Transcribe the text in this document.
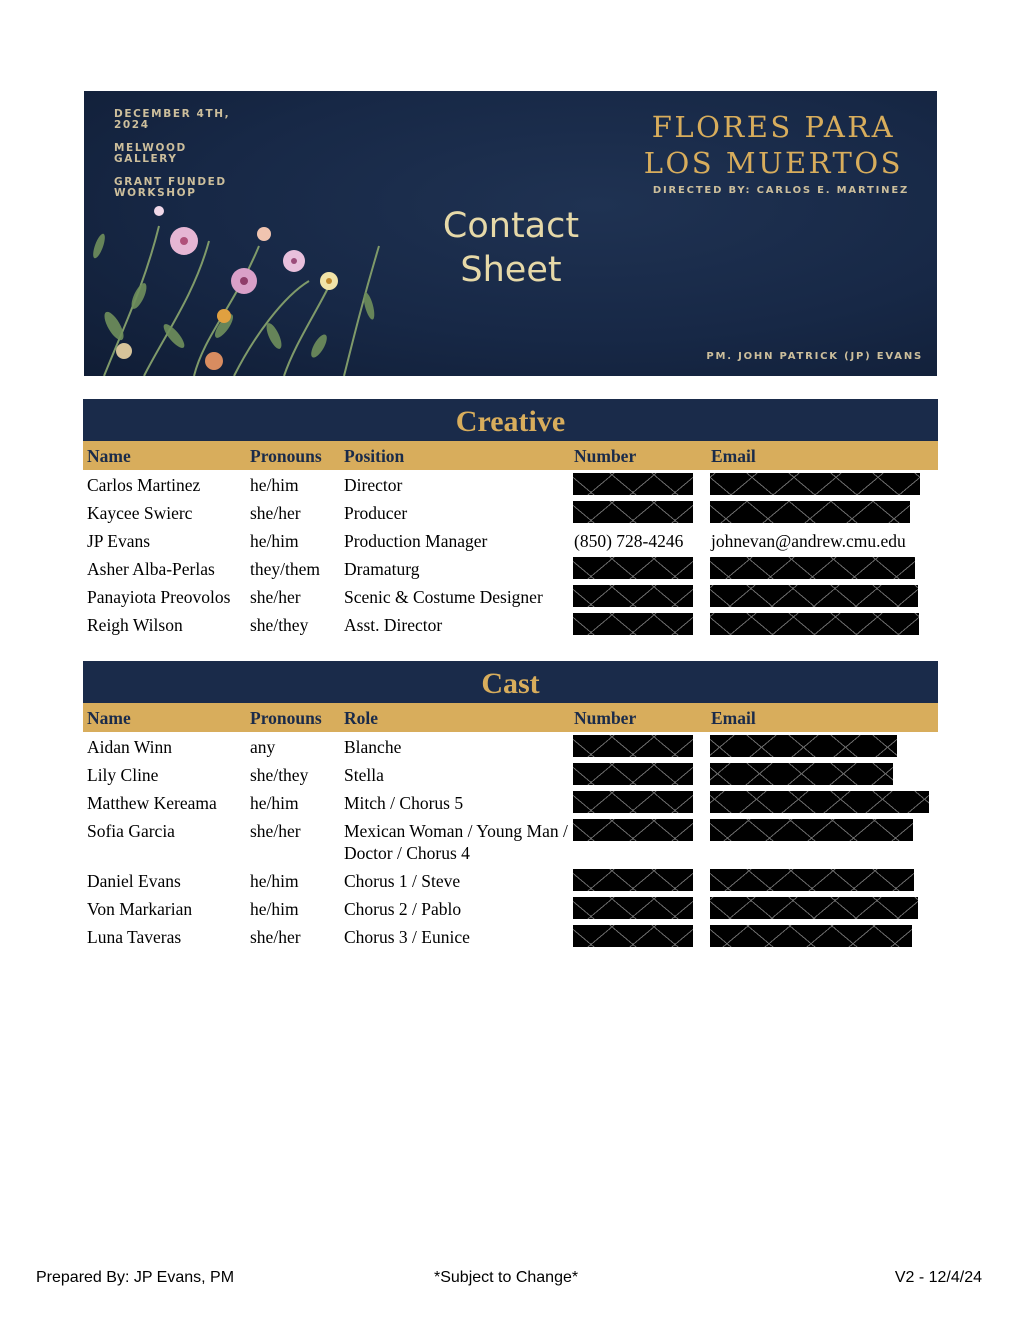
DECEMBER 4TH, 2024
MELWOOD GALLERY
GRANT FUNDED WORKSHOP
FLORES PARA
LOS MUERTOS
DIRECTED BY: CARLOS E. MARTINEZ
Contact
Sheet
PM. JOHN PATRICK (JP) EVANS
Creative
Name	Pronouns Position	Number	Email
Carlos Martinez	he/him	Director
Kaycee Swierc	she/her Producer
JP Evans	he/him	Production Manager	(850) 728-4246 johnevan@andrew.cmu.edu
Asher Alba-Perlas they/them Dramaturg
Panayiota Preovolos she/her Scenic & Costume Designer
Reigh Wilson	she/they Asst. Director
Cast
Name	Pronouns Role	Number	Email
Aidan Winn	any	Blanche
Lily Cline	she/they Stella
Matthew Kereama he/him	Mitch / Chorus 5
Sofia Garcia	she/her Mexican Woman / Young Man / Doctor / Chorus 4
Daniel Evans	he/him	Chorus 1 / Steve
Von Markarian	he/him	Chorus 2 / Pablo
Luna Taveras	she/her Chorus 3 / Eunice
Prepared By: JP Evans, PM	*Subject to Change*	V2 - 12/4/24
